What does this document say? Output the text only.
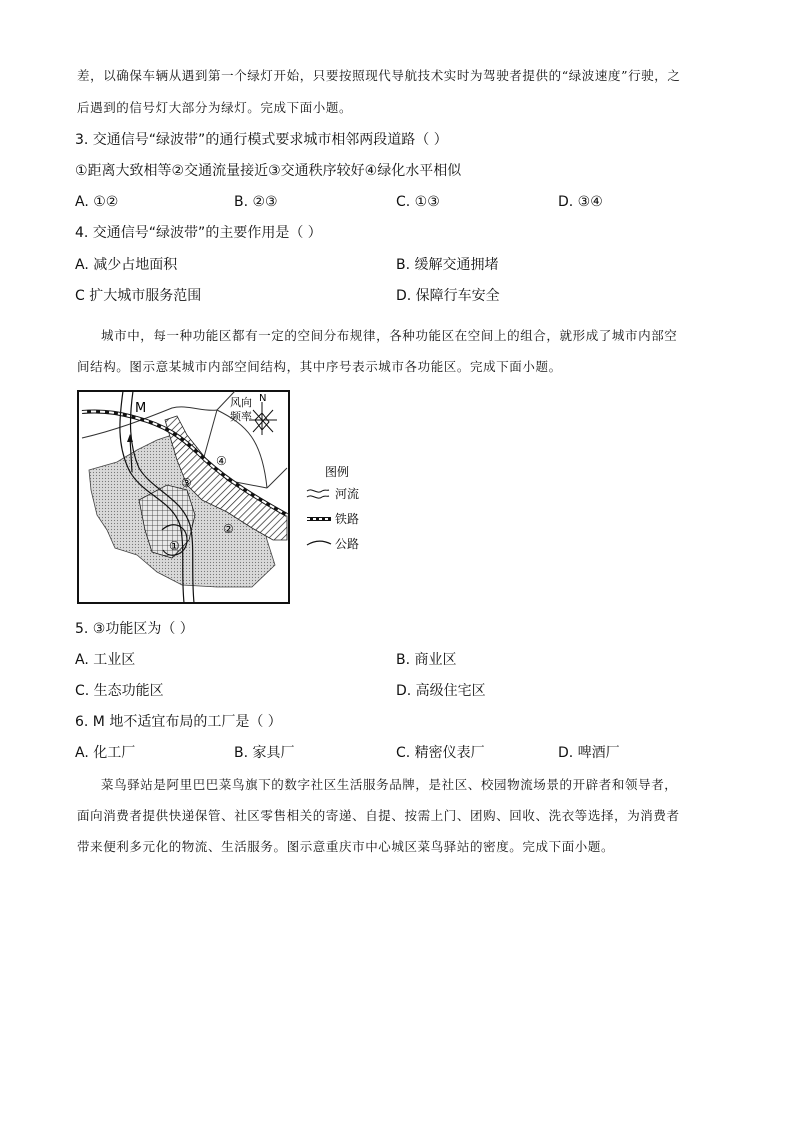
差，以确保车辆从遇到第一个绿灯开始，只要按照现代导航技术实时为驾驶者提供的“绿波速度”行驶，之
后遇到的信号灯大部分为绿灯。完成下面小题。
3. 交通信号“绿波带”的通行模式要求城市相邻两段道路（ ）
①距离大致相等②交通流量接近③交通秩序较好④绿化水平相似
A. ①②	B. ②③	C. ①③	D. ③④
4. 交通信号“绿波带”的主要作用是（ ）
A. 减少占地面积	B. 缓解交通拥堵
C 扩大城市服务范围	D. 保障行车安全
城市中，每一种功能区都有一定的空间分布规律，各种功能区在空间上的组合，就形成了城市内部空
间结构。图示意某城市内部空间结构，其中序号表示城市各功能区。完成下面小题。
M	风向
频率
N
④
③
②
①
图例
河流
铁路
公路
5. ③功能区为（ ）
A. 工业区	B. 商业区
C. 生态功能区	D. 高级住宅区
6. M 地不适宜布局的工厂是（ ）
A. 化工厂	B. 家具厂	C. 精密仪表厂	D. 啤酒厂
菜鸟驿站是阿里巴巴菜鸟旗下的数字社区生活服务品牌，是社区、校园物流场景的开辟者和领导者，
面向消费者提供快递保管、社区零售相关的寄递、自提、按需上门、团购、回收、洗衣等选择，为消费者
带来便利多元化的物流、生活服务。图示意重庆市中心城区菜鸟驿站的密度。完成下面小题。
